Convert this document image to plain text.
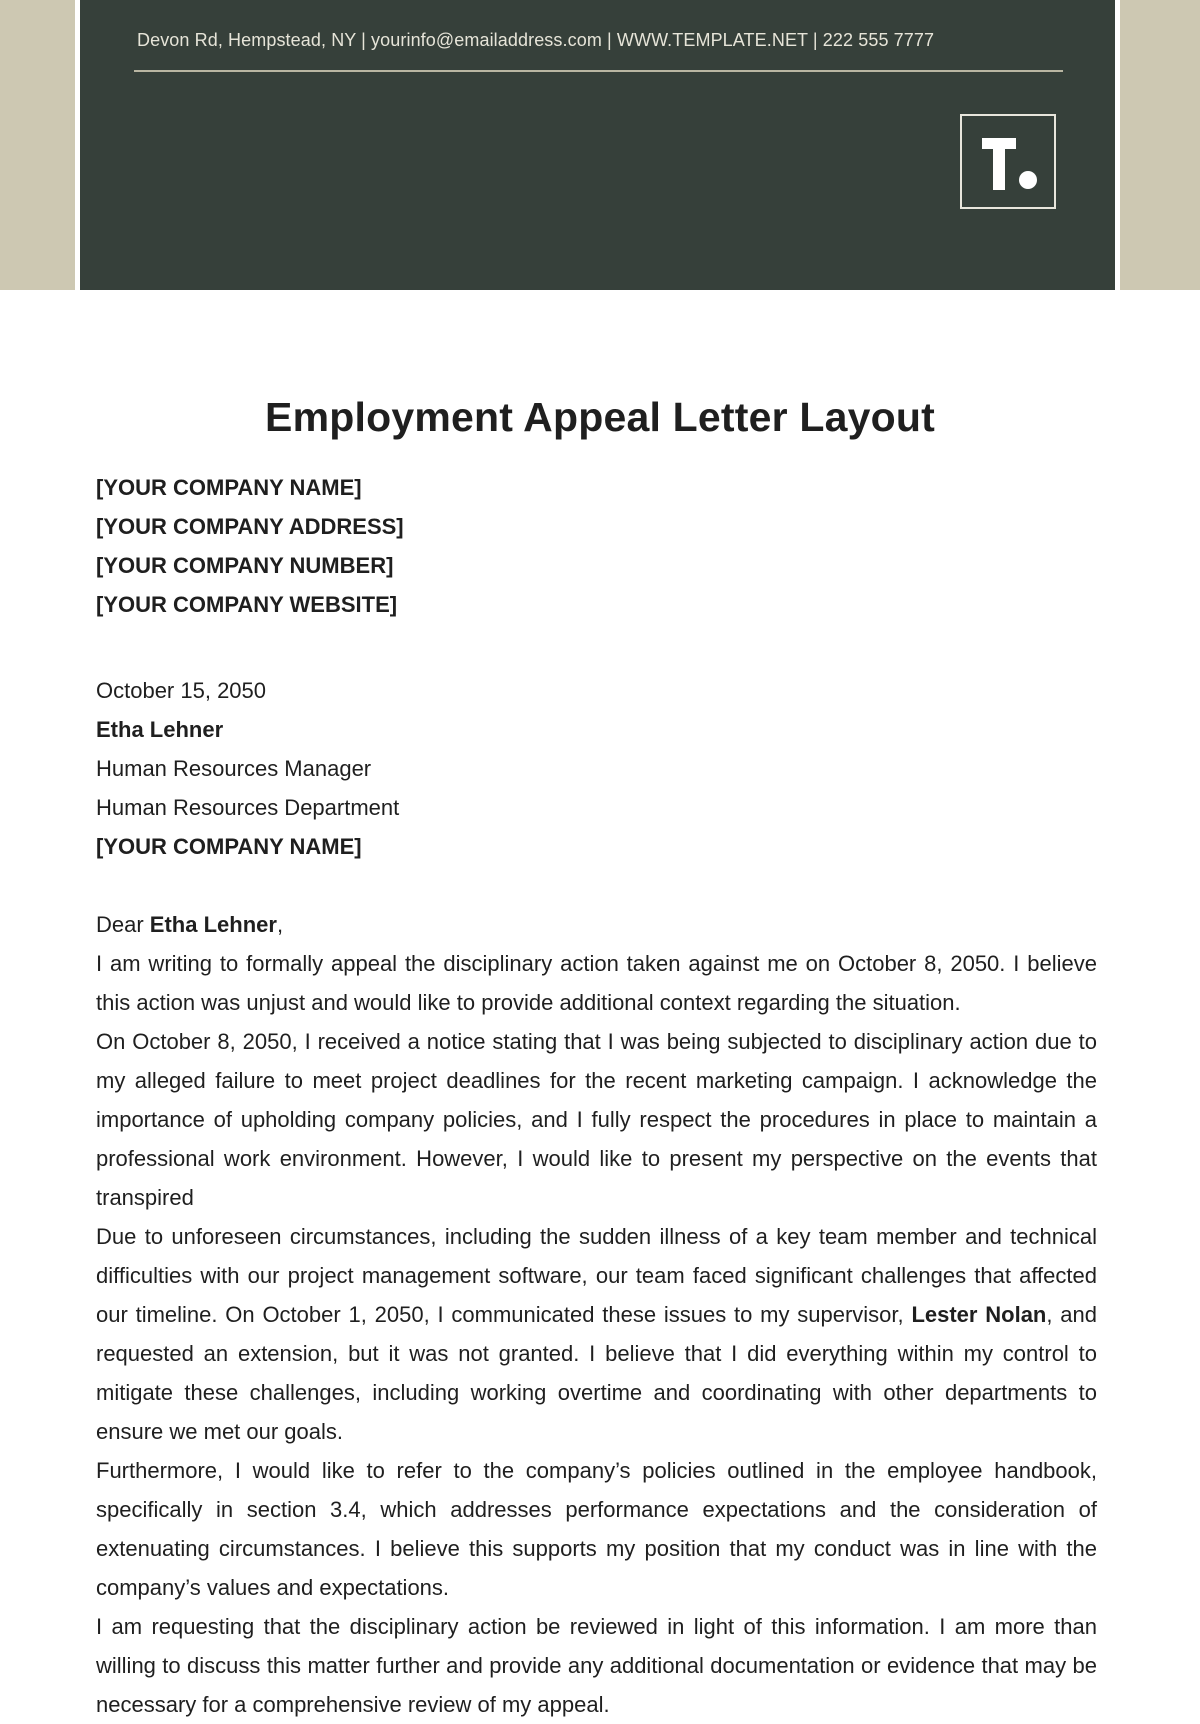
Devon Rd, Hempstead, NY | yourinfo@emailaddress.com | WWW.TEMPLATE.NET | 222 555 7777
Employment Appeal Letter Layout
[YOUR COMPANY NAME]
[YOUR COMPANY ADDRESS]
[YOUR COMPANY NUMBER]
[YOUR COMPANY WEBSITE]
October 15, 2050
Etha Lehner
Human Resources Manager
Human Resources Department
[YOUR COMPANY NAME]

Dear Etha Lehner,

I am writing to formally appeal the disciplinary action taken against me on October 8, 2050. I believe this action was unjust and would like to provide additional context regarding the situation.

On October 8, 2050, I received a notice stating that I was being subjected to disciplinary action due to my alleged failure to meet project deadlines for the recent marketing campaign. I acknowledge the importance of upholding company policies, and I fully respect the procedures in place to maintain a professional work environment. However, I would like to present my perspective on the events that transpired

Due to unforeseen circumstances, including the sudden illness of a key team member and technical difficulties with our project management software, our team faced significant challenges that affected our timeline. On October 1, 2050, I communicated these issues to my supervisor, Lester Nolan, and requested an extension, but it was not granted. I believe that I did everything within my control to mitigate these challenges, including working overtime and coordinating with other departments to ensure we met our goals.

Furthermore, I would like to refer to the company’s policies outlined in the employee handbook, specifically in section 3.4, which addresses performance expectations and the consideration of extenuating circumstances. I believe this supports my position that my conduct was in line with the company’s values and expectations.

I am requesting that the disciplinary action be reviewed in light of this information. I am more than willing to discuss this matter further and provide any additional documentation or evidence that may be necessary for a comprehensive review of my appeal.
